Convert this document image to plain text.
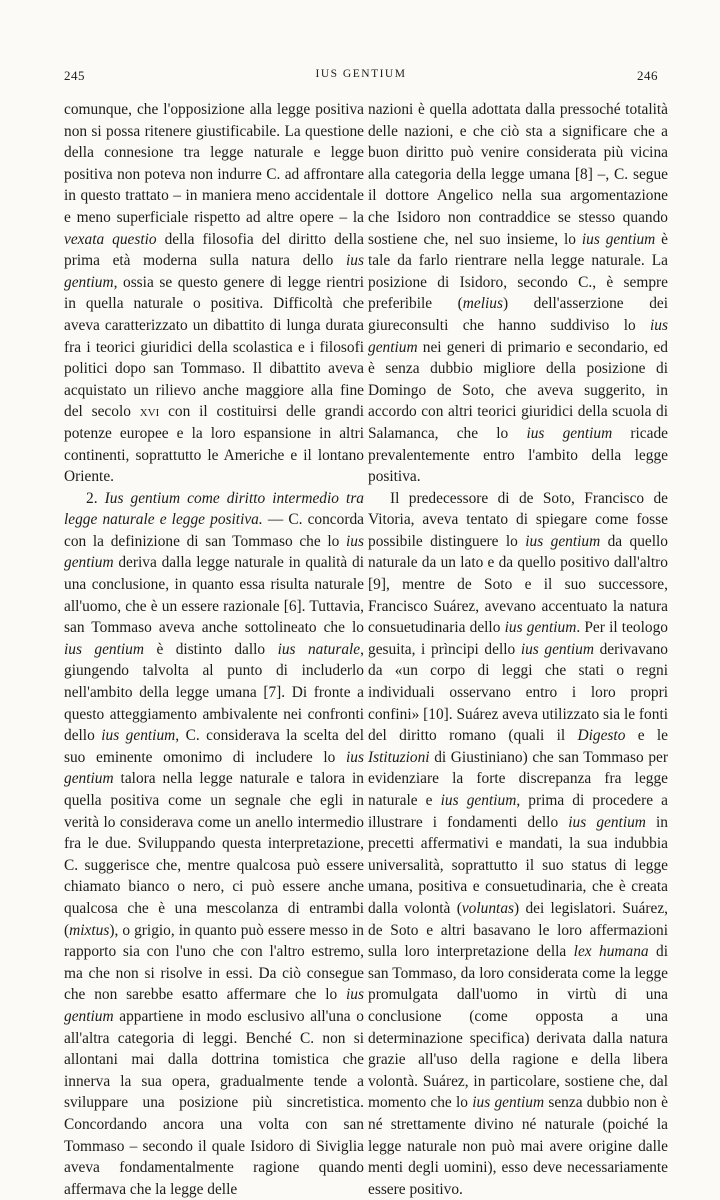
245	IUS GENTIUM	246

comunque, che l'opposizione alla legge positiva non si possa ritenere giustificabile. La questione della connesione tra legge naturale e legge positiva non poteva non indurre C. ad affrontare in questo trattato – in maniera meno accidentale e meno superficiale rispetto ad altre opere – la vexata questio della filosofia del diritto della prima età moderna sulla natura dello ius gentium, ossia se questo genere di legge rientri in quella naturale o positiva. Difficoltà che aveva caratterizzato un dibattito di lunga durata fra i teorici giuridici della scolastica e i filosofi politici dopo san Tommaso. Il dibattito aveva acquistato un rilievo anche maggiore alla fine del secolo xvi con il costituirsi delle grandi potenze europee e la loro espansione in altri continenti, soprattutto le Americhe e il lontano Oriente.

2. Ius gentium come diritto intermedio tra legge naturale e legge positiva. — C. concorda con la definizione di san Tommaso che lo ius gentium deriva dalla legge naturale in qualità di una conclusione, in quanto essa risulta naturale all'uomo, che è un essere razionale [6]. Tuttavia, san Tommaso aveva anche sottolineato che lo ius gentium è distinto dallo ius naturale, giungendo talvolta al punto di includerlo nell'ambito della legge umana [7]. Di fronte a questo atteggiamento ambivalente nei confronti dello ius gentium, C. considerava la scelta del suo eminente omonimo di includere lo ius gentium talora nella legge naturale e talora in quella positiva come un segnale che egli in verità lo considerava come un anello intermedio fra le due. Sviluppando questa interpretazione, C. suggerisce che, mentre qualcosa può essere chiamato bianco o nero, ci può essere anche qualcosa che è una mescolanza di entrambi (mixtus), o grigio, in quanto può essere messo in rapporto sia con l'uno che con l'altro estremo, ma che non si risolve in essi. Da ciò consegue che non sarebbe esatto affermare che lo ius gentium appartiene in modo esclusivo all'una o all'altra categoria di leggi. Benché C. non si allontani mai dalla dottrina tomistica che innerva la sua opera, gradualmente tende a sviluppare una posizione più sincretistica. Concordando ancora una volta con san Tommaso – secondo il quale Isidoro di Siviglia aveva fondamentalmente ragione quando affermava che la legge delle

nazioni è quella adottata dalla pressoché totalità delle nazioni, e che ciò sta a significare che a buon diritto può venire considerata più vicina alla categoria della legge umana [8] –, C. segue il dottore Angelico nella sua argomentazione che Isidoro non contraddice se stesso quando sostiene che, nel suo insieme, lo ius gentium è tale da farlo rientrare nella legge naturale. La posizione di Isidoro, secondo C., è sempre preferibile (melius) dell'asserzione dei giureconsulti che hanno suddiviso lo ius gentium nei generi di primario e secondario, ed è senza dubbio migliore della posizione di Domingo de Soto, che aveva suggerito, in accordo con altri teorici giuridici della scuola di Salamanca, che lo ius gentium ricade prevalentemente entro l'ambito della legge positiva.

Il predecessore di de Soto, Francisco de Vitoria, aveva tentato di spiegare come fosse possibile distinguere lo ius gentium da quello naturale da un lato e da quello positivo dall'altro [9], mentre de Soto e il suo successore, Francisco Suárez, avevano accentuato la natura consuetudinaria dello ius gentium. Per il teologo gesuita, i prìncipi dello ius gentium derivavano da «un corpo di leggi che stati o regni individuali osservano entro i loro propri confini» [10]. Suárez aveva utilizzato sia le fonti del diritto romano (quali il Digesto e le Istituzioni di Giustiniano) che san Tommaso per evidenziare la forte discrepanza fra legge naturale e ius gentium, prima di procedere a illustrare i fondamenti dello ius gentium in precetti affermativi e mandati, la sua indubbia universalità, soprattutto il suo status di legge umana, positiva e consuetudinaria, che è creata dalla volontà (voluntas) dei legislatori. Suárez, de Soto e altri basavano le loro affermazioni sulla loro interpretazione della lex humana di san Tommaso, da loro considerata come la legge promulgata dall'uomo in virtù di una conclusione (come opposta a una determinazione specifica) derivata dalla natura grazie all'uso della ragione e della libera volontà. Suárez, in particolare, sostiene che, dal momento che lo ius gentium senza dubbio non è né strettamente divino né naturale (poiché la legge naturale non può mai avere origine dalle menti degli uomini), esso deve necessariamente essere positivo.
